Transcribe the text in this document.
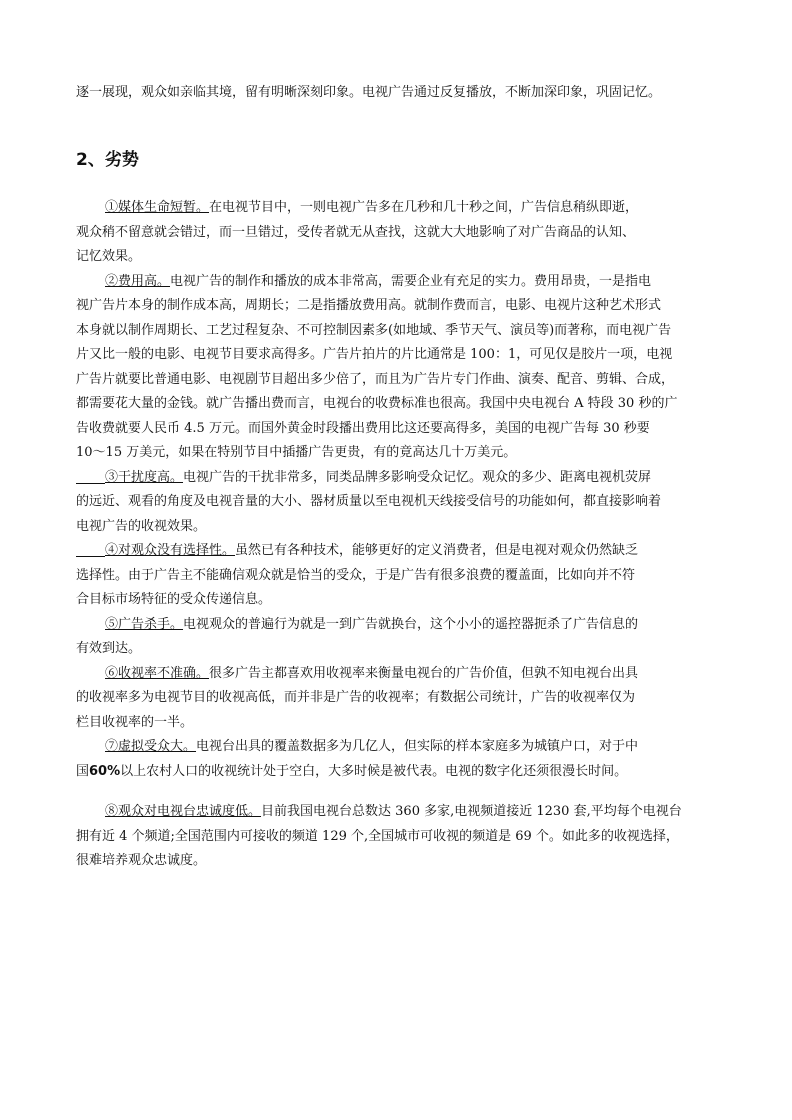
逐一展现，观众如亲临其境，留有明晰深刻印象。电视广告通过反复播放，不断加深印象，巩固记忆。
2、劣势
①媒体生命短暂。在电视节目中，一则电视广告多在几秒和几十秒之间，广告信息稍纵即逝，
观众稍不留意就会错过，而一旦错过，受传者就无从查找，这就大大地影响了对广告商品的认知、
记忆效果。
②费用高。电视广告的制作和播放的成本非常高，需要企业有充足的实力。费用昂贵，一是指电
视广告片本身的制作成本高，周期长；二是指播放费用高。就制作费而言，电影、电视片这种艺术形式
本身就以制作周期长、工艺过程复杂、不可控制因素多(如地域、季节天气、演员等)而著称，而电视广告
片又比一般的电影、电视节目要求高得多。广告片拍片的片比通常是 100：1，可见仅是胶片一项，电视
广告片就要比普通电影、电视剧节目超出多少倍了，而且为广告片专门作曲、演奏、配音、剪辑、合成，
都需要花大量的金钱。就广告播出费而言，电视台的收费标准也很高。我国中央电视台 A 特段 30 秒的广
告收费就要人民币 4.5 万元。而国外黄金时段播出费用比这还要高得多，美国的电视广告每 30 秒要
10～15 万美元，如果在特别节目中插播广告更贵，有的竟高达几十万美元。
③干扰度高。电视广告的干扰非常多，同类品牌多影响受众记忆。观众的多少、距离电视机荧屏
的远近、观看的角度及电视音量的大小、器材质量以至电视机天线接受信号的功能如何，都直接影响着
电视广告的收视效果。
④对观众没有选择性。虽然已有各种技术，能够更好的定义消费者，但是电视对观众仍然缺乏
选择性。由于广告主不能确信观众就是恰当的受众，于是广告有很多浪费的覆盖面，比如向并不符
合目标市场特征的受众传递信息。
⑤广告杀手。电视观众的普遍行为就是一到广告就换台，这个小小的遥控器扼杀了广告信息的
有效到达。
⑥收视率不准确。很多广告主都喜欢用收视率来衡量电视台的广告价值，但孰不知电视台出具
的收视率多为电视节目的收视高低，而并非是广告的收视率；有数据公司统计，广告的收视率仅为
栏目收视率的一半。
⑦虚拟受众大。电视台出具的覆盖数据多为几亿人，但实际的样本家庭多为城镇户口，对于中
国60%以上农村人口的收视统计处于空白，大多时候是被代表。电视的数字化还须很漫长时间。
⑧观众对电视台忠诚度低。目前我国电视台总数达 360 多家,电视频道接近 1230 套,平均每个电视台
拥有近 4 个频道;全国范围内可接收的频道 129 个,全国城市可收视的频道是 69 个。如此多的收视选择，
很难培养观众忠诚度。
